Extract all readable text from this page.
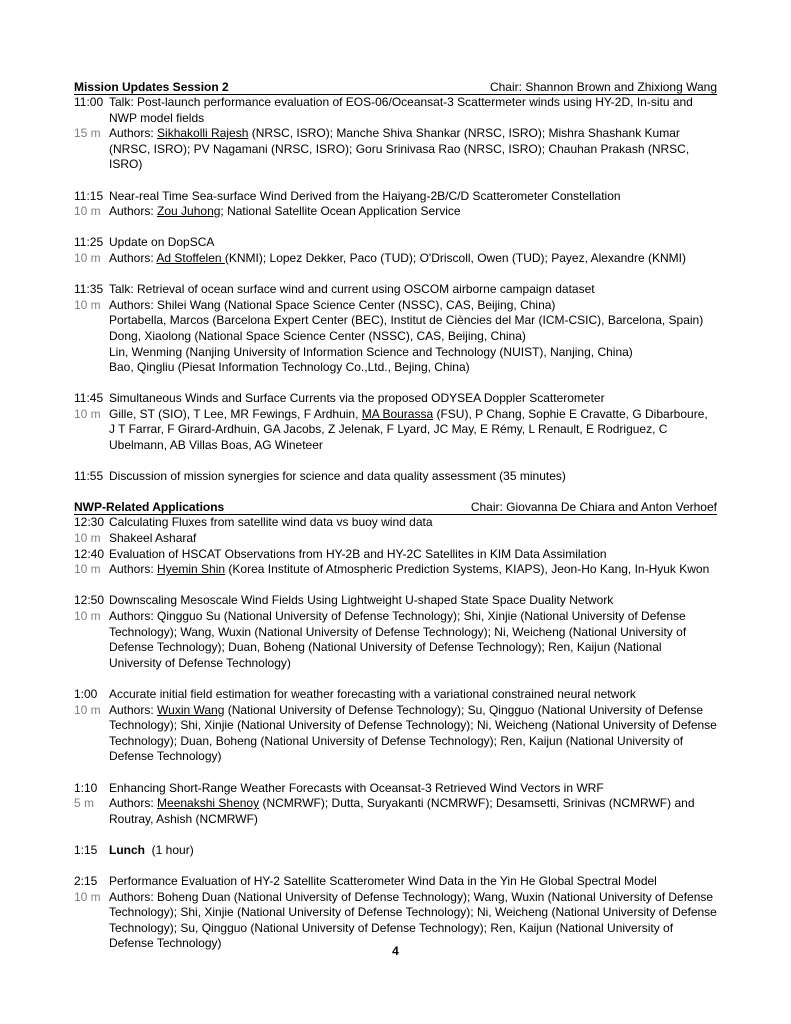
Mission Updates Session 2	Chair: Shannon Brown and Zhixiong Wang
11:00 Talk: Post-launch performance evaluation of EOS-06/Oceansat-3 Scattermeter winds using HY-2D, In-situ and NWP model fields
15 m Authors: Sikhakolli Rajesh (NRSC, ISRO); Manche Shiva Shankar (NRSC, ISRO); Mishra Shashank Kumar (NRSC, ISRO); PV Nagamani (NRSC, ISRO); Goru Srinivasa Rao (NRSC, ISRO); Chauhan Prakash (NRSC, ISRO)
11:15 Near-real Time Sea-surface Wind Derived from the Haiyang-2B/C/D Scatterometer Constellation
10 m Authors: Zou Juhong; National Satellite Ocean Application Service
11:25 Update on DopSCA
10 m Authors: Ad Stoffelen (KNMI); Lopez Dekker, Paco (TUD); O'Driscoll, Owen (TUD); Payez, Alexandre (KNMI)
11:35 Talk: Retrieval of ocean surface wind and current using OSCOM airborne campaign dataset
10 m Authors: Shilei Wang (National Space Science Center (NSSC), CAS, Beijing, China)
Portabella, Marcos (Barcelona Expert Center (BEC), Institut de Ciències del Mar (ICM-CSIC), Barcelona, Spain)
Dong, Xiaolong (National Space Science Center (NSSC), CAS, Beijing, China)
Lin, Wenming (Nanjing University of Information Science and Technology (NUIST), Nanjing, China)
Bao, Qingliu (Piesat Information Technology Co.,Ltd., Bejing, China)
11:45 Simultaneous Winds and Surface Currents via the proposed ODYSEA Doppler Scatterometer
10 m Gille, ST (SIO), T Lee, MR Fewings, F Ardhuin, MA Bourassa (FSU), P Chang, Sophie E Cravatte, G Dibarboure, J T Farrar, F Girard-Ardhuin, GA Jacobs, Z Jelenak, F Lyard, JC May, E Rémy, L Renault, E Rodriguez, C Ubelmann, AB Villas Boas, AG Wineteer
11:55 Discussion of mission synergies for science and data quality assessment (35 minutes)
NWP-Related Applications	Chair: Giovanna De Chiara and Anton Verhoef
12:30 Calculating Fluxes from satellite wind data vs buoy wind data
10 m Shakeel Asharaf
12:40 Evaluation of HSCAT Observations from HY-2B and HY-2C Satellites in KIM Data Assimilation
10 m Authors: Hyemin Shin (Korea Institute of Atmospheric Prediction Systems, KIAPS), Jeon-Ho Kang, In-Hyuk Kwon
12:50 Downscaling Mesoscale Wind Fields Using Lightweight U-shaped State Space Duality Network
10 m Authors: Qingguo Su (National University of Defense Technology); Shi, Xinjie (National University of Defense Technology); Wang, Wuxin (National University of Defense Technology); Ni, Weicheng (National University of Defense Technology); Duan, Boheng (National University of Defense Technology); Ren, Kaijun (National University of Defense Technology)
1:00 Accurate initial field estimation for weather forecasting with a variational constrained neural network
10 m Authors: Wuxin Wang (National University of Defense Technology); Su, Qingguo (National University of Defense Technology); Shi, Xinjie (National University of Defense Technology); Ni, Weicheng (National University of Defense Technology); Duan, Boheng (National University of Defense Technology); Ren, Kaijun (National University of Defense Technology)
1:10 Enhancing Short-Range Weather Forecasts with Oceansat-3 Retrieved Wind Vectors in WRF
5 m	Authors: Meenakshi Shenoy (NCMRWF); Dutta, Suryakanti (NCMRWF); Desamsetti, Srinivas (NCMRWF) and Routray, Ashish (NCMRWF)
1:15 Lunch  (1 hour)
2:15 Performance Evaluation of HY-2 Satellite Scatterometer Wind Data in the Yin He Global Spectral Model
10 m Authors: Boheng Duan (National University of Defense Technology); Wang, Wuxin (National University of Defense Technology); Shi, Xinjie (National University of Defense Technology); Ni, Weicheng (National University of Defense Technology); Su, Qingguo (National University of Defense Technology); Ren, Kaijun (National University of Defense Technology)
4
